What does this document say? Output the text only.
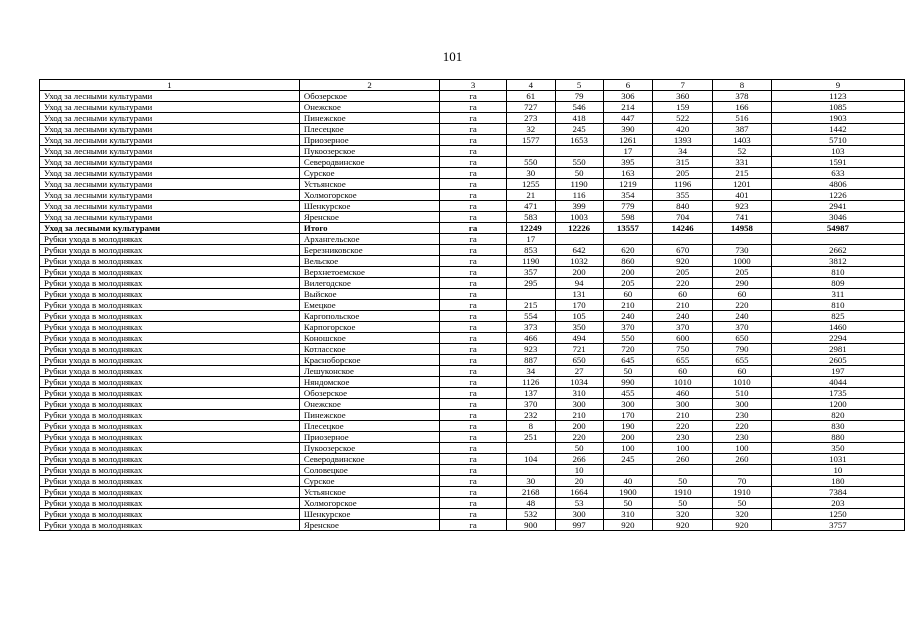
101
1	2	3	4	5	6	7	8	9
Уход за лесными культурами	Обозерское	га	61	79	306	360	378	1123
Уход за лесными культурами	Онежское	га	727	546	214	159	166	1085
Уход за лесными культурами	Пинежское	га	273	418	447	522	516	1903
Уход за лесными культурами	Плесецкое	га	32	245	390	420	387	1442
Уход за лесными культурами	Приозерное	га	1577	1653	1261	1393	1403	5710
Уход за лесными культурами	Пукоозерское	га			17	34	52	103
Уход за лесными культурами	Северодвинское	га	550	550	395	315	331	1591
Уход за лесными культурами	Сурское	га	30	50	163	205	215	633
Уход за лесными культурами	Устьянское	га	1255	1190	1219	1196	1201	4806
Уход за лесными культурами	Холмогорское	га	21	116	354	355	401	1226
Уход за лесными культурами	Шенкурское	га	471	399	779	840	923	2941
Уход за лесными культурами	Яренское	га	583	1003	598	704	741	3046
Уход за лесными культурами	Итого	га	12249	12226	13557	14246	14958	54987
Рубки ухода в молодняках	Архангельское	га	17					
Рубки ухода в молодняках	Березниковское	га	853	642	620	670	730	2662
Рубки ухода в молодняках	Вельское	га	1190	1032	860	920	1000	3812
Рубки ухода в молодняках	Верхнетоемское	га	357	200	200	205	205	810
Рубки ухода в молодняках	Вилегодское	га	295	94	205	220	290	809
Рубки ухода в молодняках	Выйское	га		131	60	60	60	311
Рубки ухода в молодняках	Емецкое	га	215	170	210	210	220	810
Рубки ухода в молодняках	Каргопольское	га	554	105	240	240	240	825
Рубки ухода в молодняках	Карпогорское	га	373	350	370	370	370	1460
Рубки ухода в молодняках	Коношское	га	466	494	550	600	650	2294
Рубки ухода в молодняках	Котласское	га	923	721	720	750	790	2981
Рубки ухода в молодняках	Красноборское	га	887	650	645	655	655	2605
Рубки ухода в молодняках	Лешуконское	га	34	27	50	60	60	197
Рубки ухода в молодняках	Няндомское	га	1126	1034	990	1010	1010	4044
Рубки ухода в молодняках	Обозерское	га	137	310	455	460	510	1735
Рубки ухода в молодняках	Онежское	га	370	300	300	300	300	1200
Рубки ухода в молодняках	Пинежское	га	232	210	170	210	230	820
Рубки ухода в молодняках	Плесецкое	га	8	200	190	220	220	830
Рубки ухода в молодняках	Приозерное	га	251	220	200	230	230	880
Рубки ухода в молодняках	Пукоозерское	га		50	100	100	100	350
Рубки ухода в молодняках	Северодвинское	га	104	266	245	260	260	1031
Рубки ухода в молодняках	Соловецкое	га		10				10
Рубки ухода в молодняках	Сурское	га	30	20	40	50	70	180
Рубки ухода в молодняках	Устьянское	га	2168	1664	1900	1910	1910	7384
Рубки ухода в молодняках	Холмогорское	га	48	53	50	50	50	203
Рубки ухода в молодняках	Шенкурское	га	532	300	310	320	320	1250
Рубки ухода в молодняках	Яренское	га	900	997	920	920	920	3757
